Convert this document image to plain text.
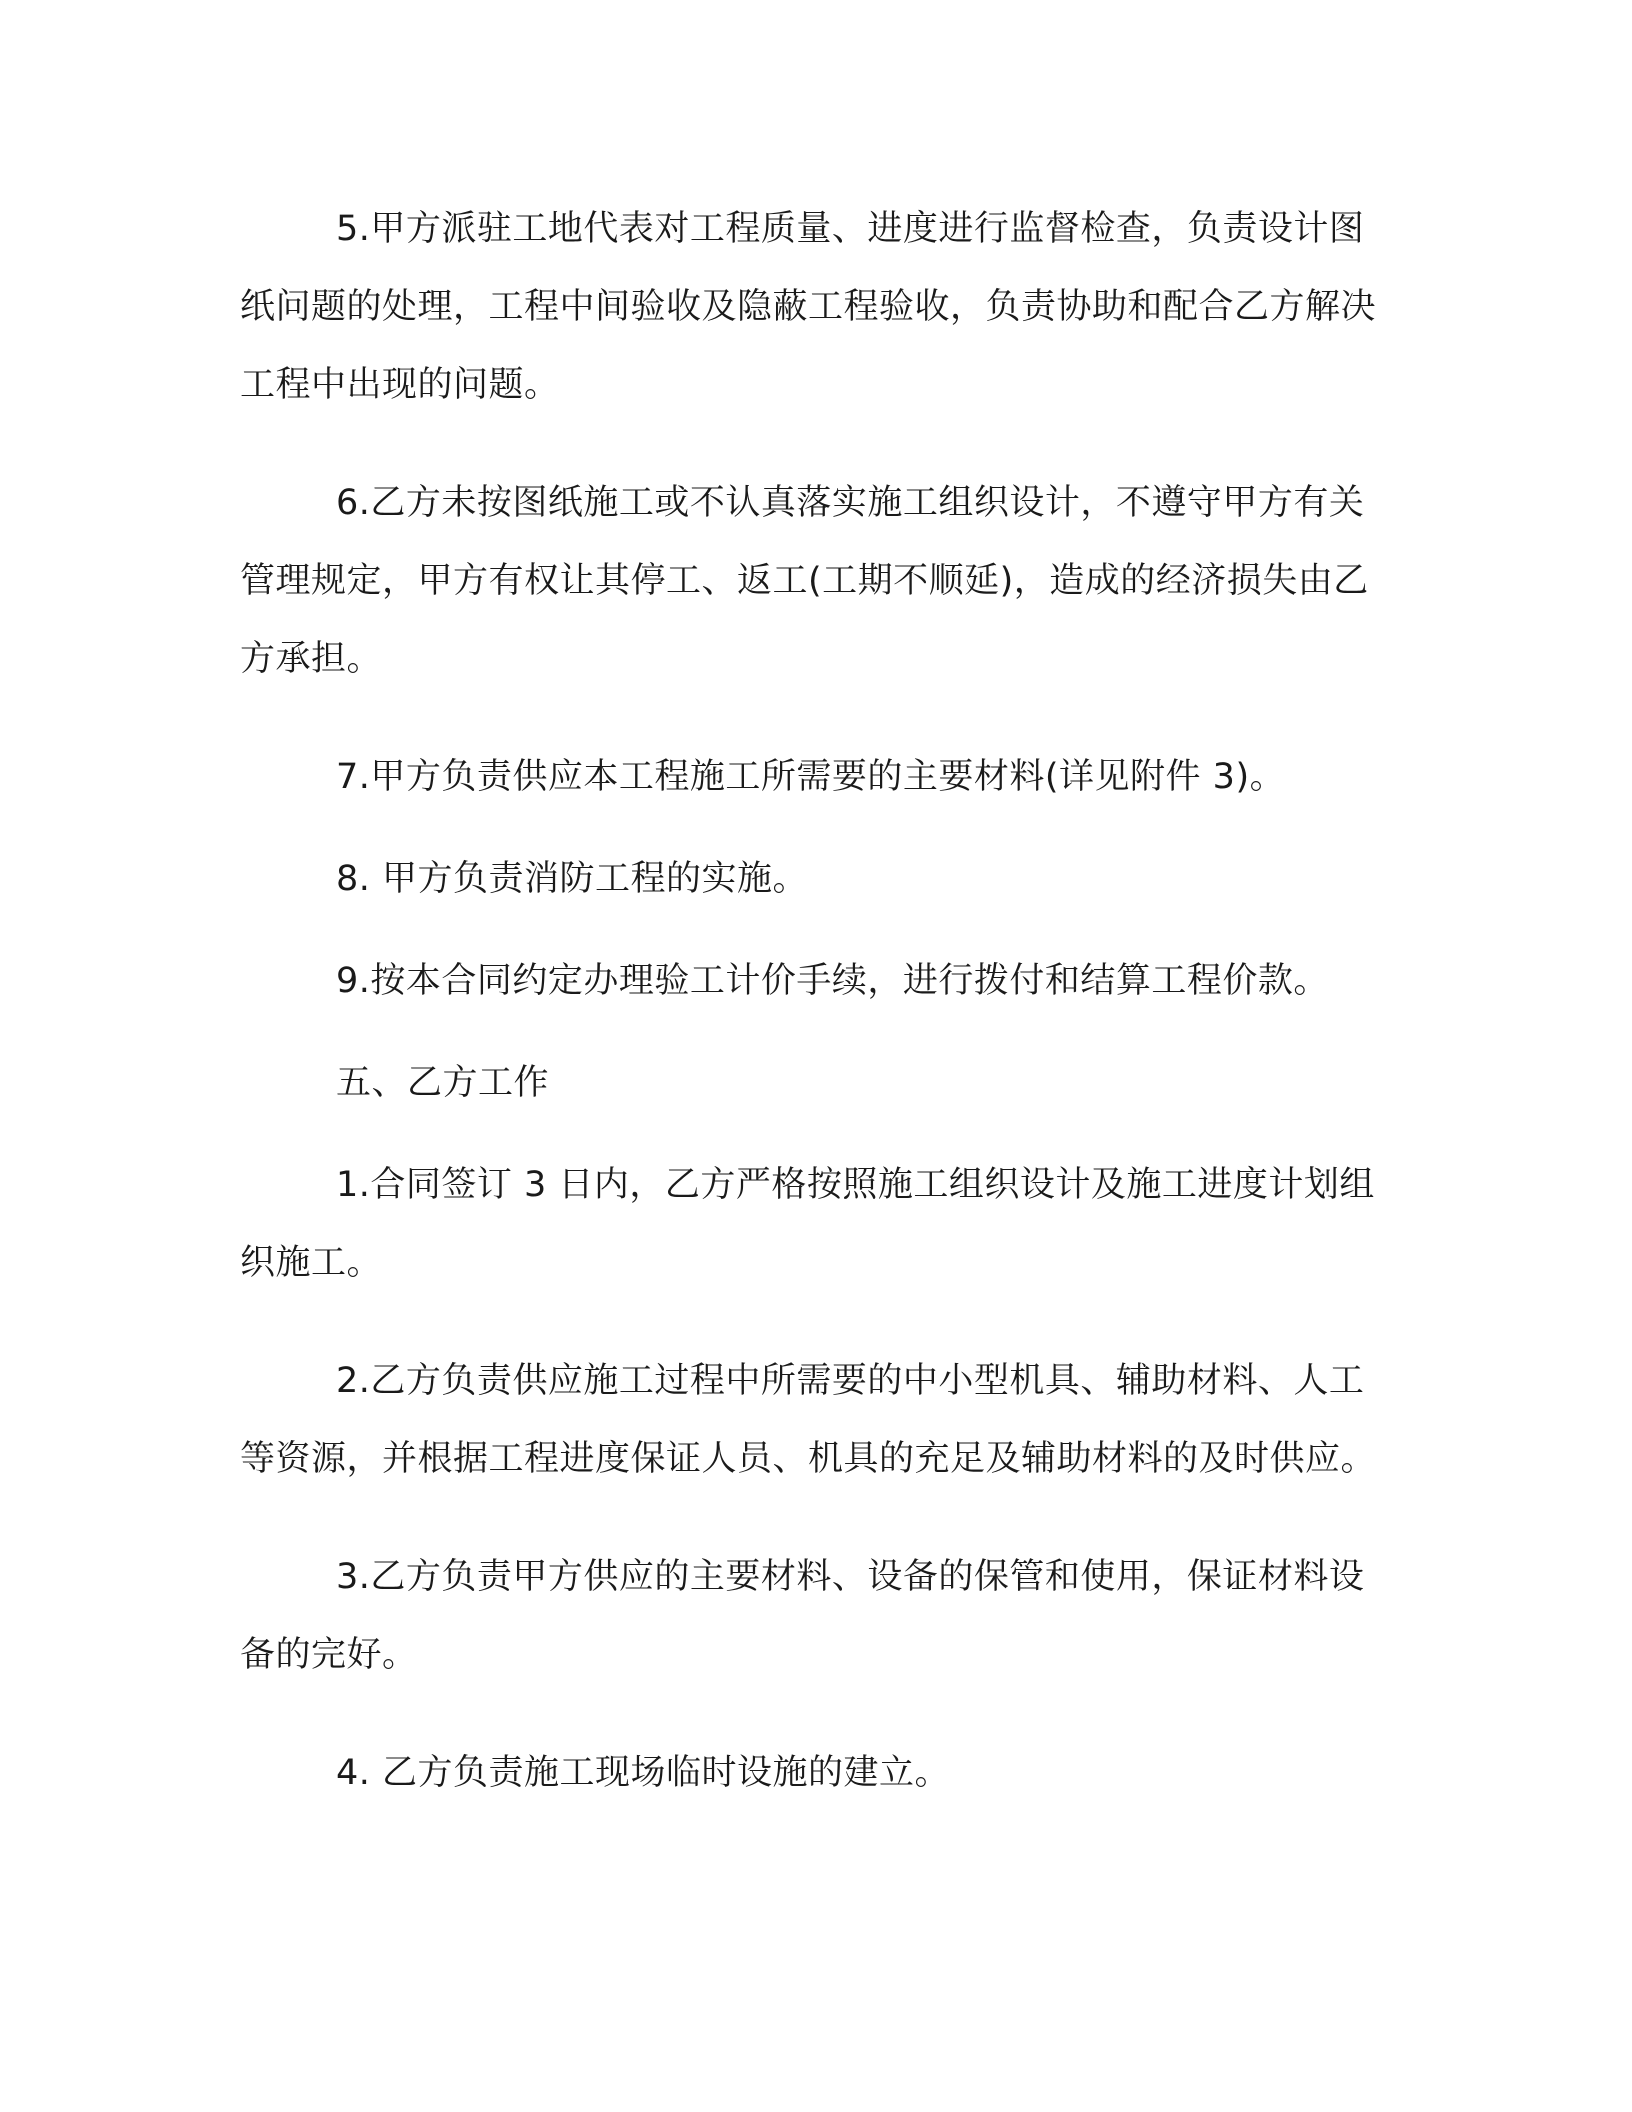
5.甲方派驻工地代表对工程质量、进度进行监督检查，负责设计图纸问题的处理，工程中间验收及隐蔽工程验收，负责协助和配合乙方解决工程中出现的问题。

6.乙方未按图纸施工或不认真落实施工组织设计，不遵守甲方有关管理规定，甲方有权让其停工、返工(工期不顺延)，造成的经济损失由乙方承担。

7.甲方负责供应本工程施工所需要的主要材料(详见附件 3)。

8. 甲方负责消防工程的实施。

9.按本合同约定办理验工计价手续，进行拨付和结算工程价款。

五、乙方工作

1.合同签订 3 日内，乙方严格按照施工组织设计及施工进度计划组织施工。

2.乙方负责供应施工过程中所需要的中小型机具、辅助材料、人工等资源，并根据工程进度保证人员、机具的充足及辅助材料的及时供应。

3.乙方负责甲方供应的主要材料、设备的保管和使用，保证材料设备的完好。

4. 乙方负责施工现场临时设施的建立。
